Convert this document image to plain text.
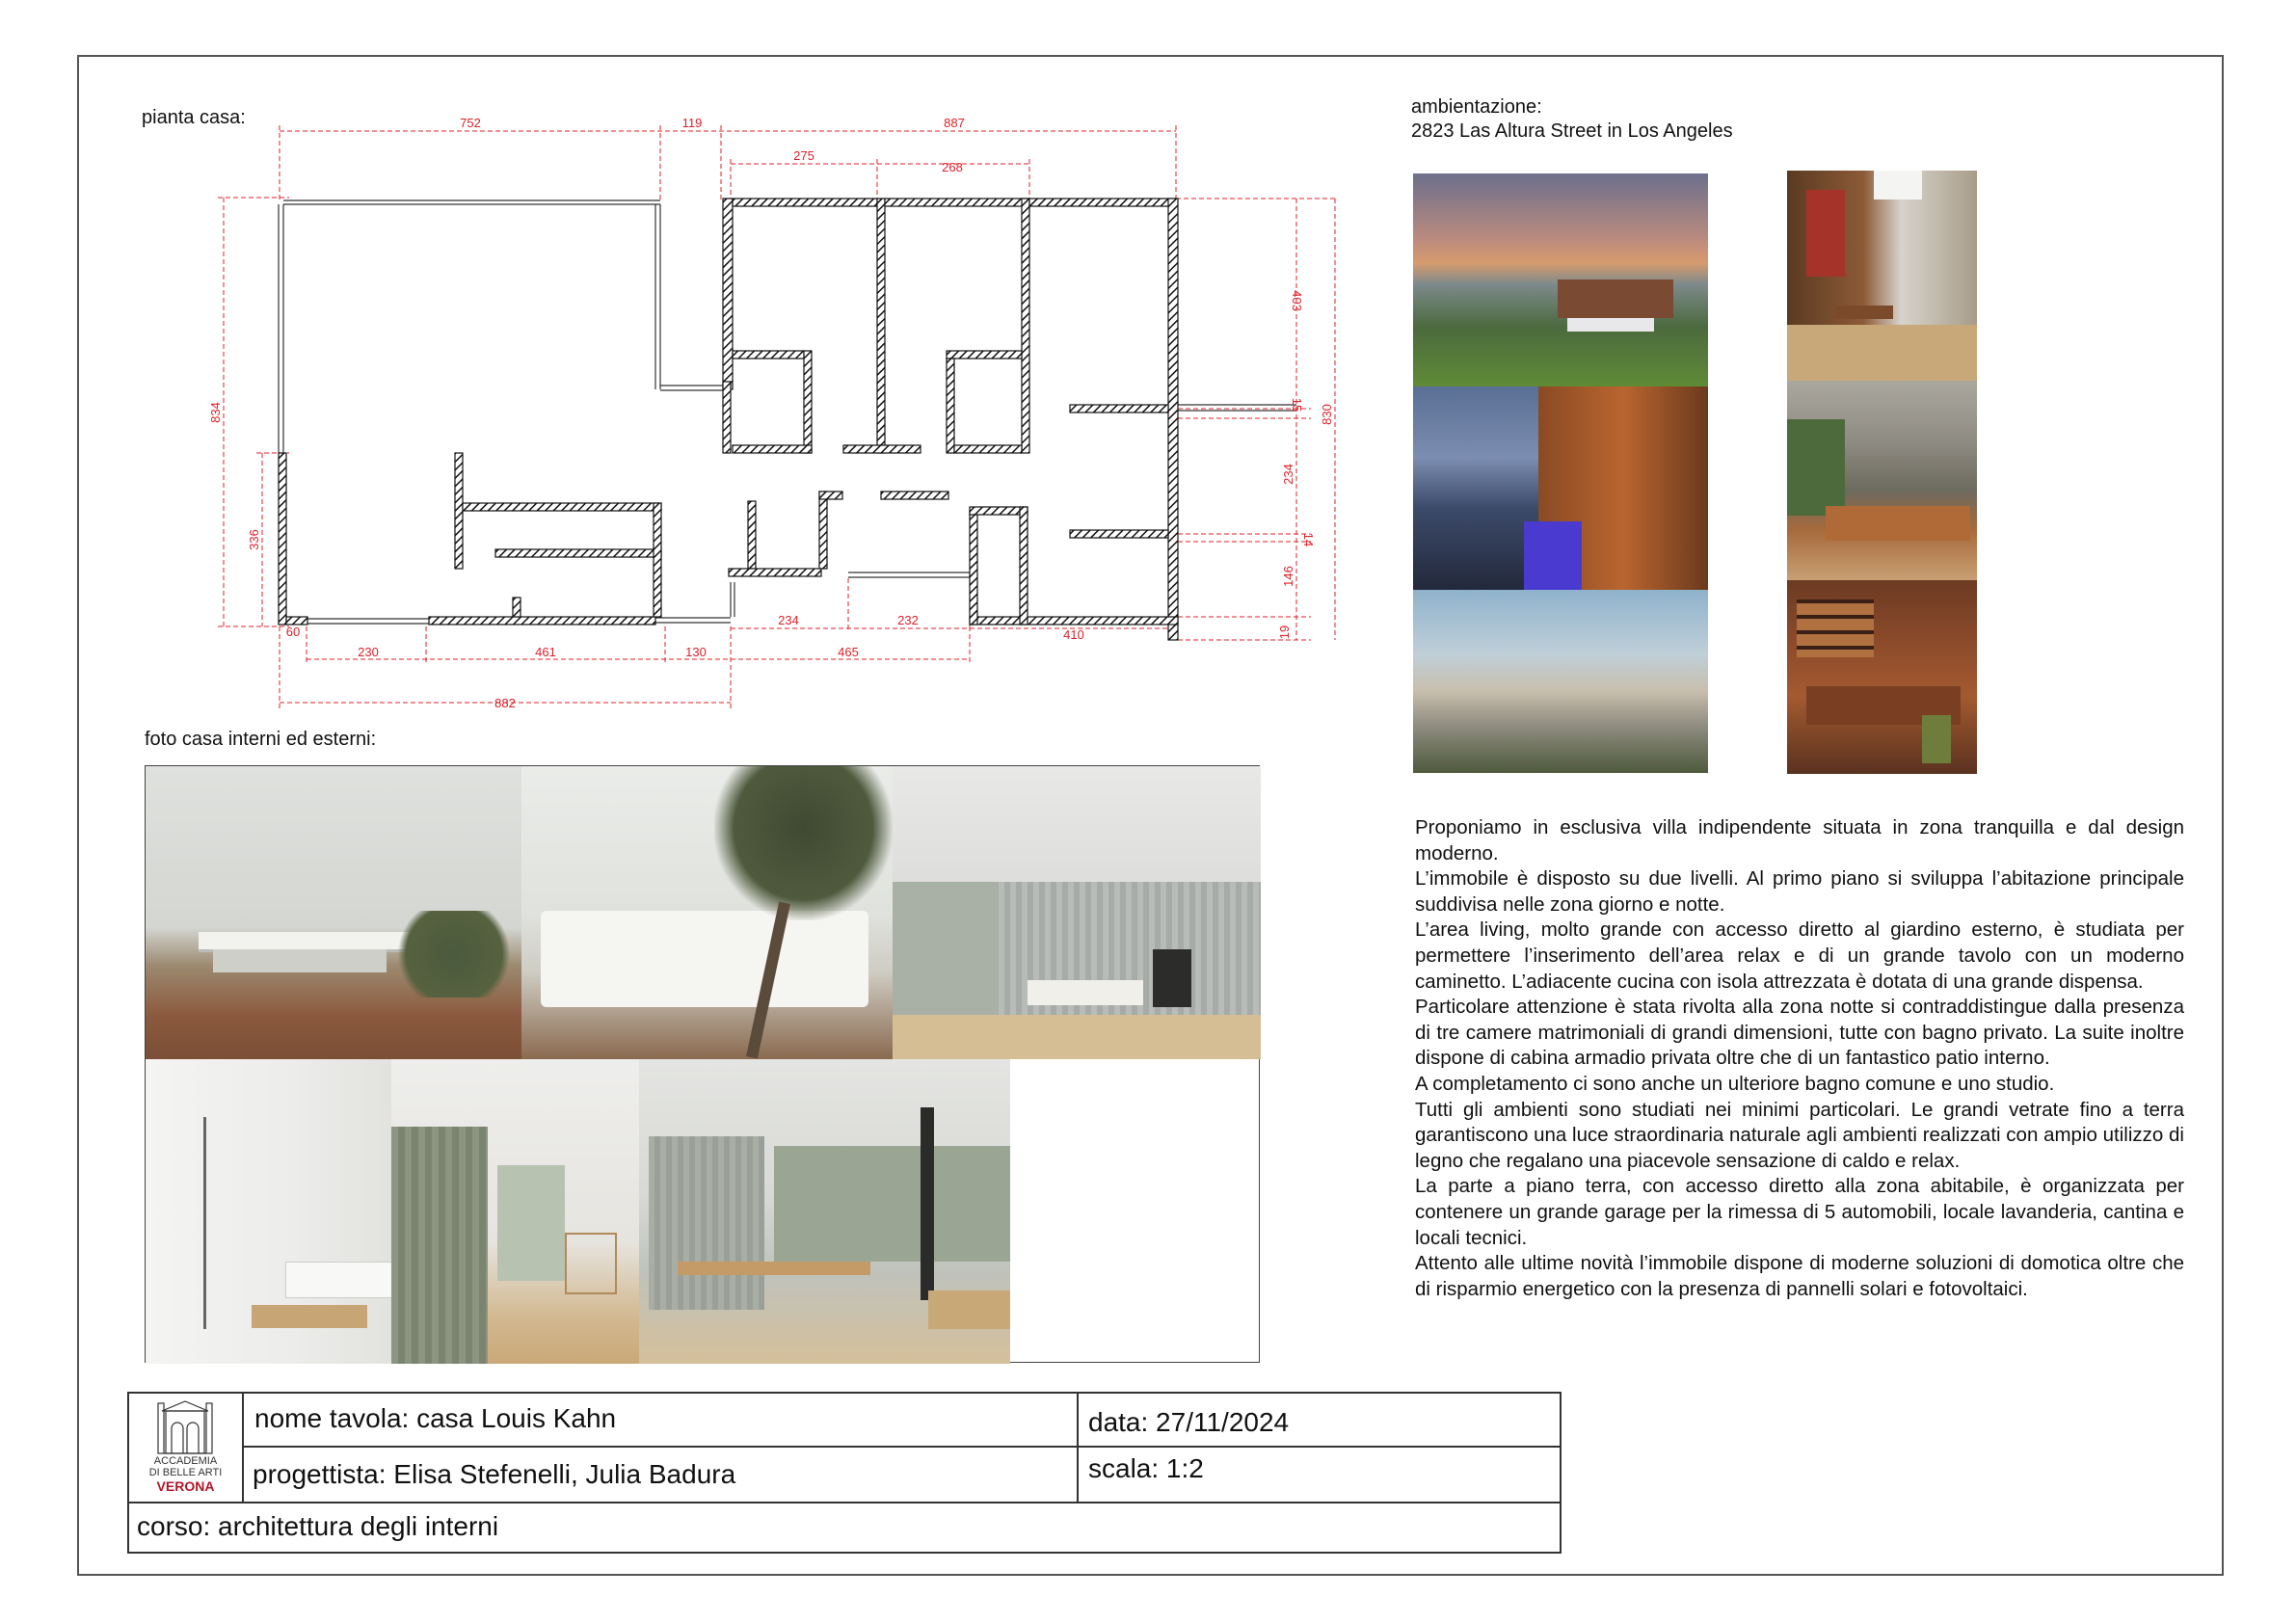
pianta casa:	752	119	887
275
268
834
336
403
15
234
14
146
19
830
60
230	461	130	465
234	232
410
882
foto casa interni ed esterni:
ambientazione:
2823 Las Altura Street in Los Angeles

Proponiamo in esclusiva villa indipendente situata in zona tranquilla e dal design moderno.

L’immobile è disposto su due livelli. Al primo piano si sviluppa l’abitazione principale suddivisa nelle zona giorno e notte.

L’area living, molto grande con accesso diretto al giardino esterno, è studiata per permettere l’inserimento dell’area relax e di un grande tavolo con un moderno caminetto. L’adiacente cucina con isola attrezzata è dotata di una grande dispensa.

Particolare attenzione è stata rivolta alla zona notte si contraddistingue dalla presenza di tre camere matrimoniali di grandi dimensioni, tutte con bagno privato. La suite inoltre dispone di cabina armadio privata oltre che di un fantastico patio interno.

A completamento ci sono anche un ulteriore bagno comune e uno studio.

Tutti gli ambienti sono studiati nei minimi particolari. Le grandi vetrate fino a terra garantiscono una luce straordinaria naturale agli ambienti realizzati con ampio utilizzo di legno che regalano una piacevole sensazione di caldo e relax.

La parte a piano terra, con accesso diretto alla zona abitabile, è organizzata per contenere un grande garage per la rimessa di 5 automobili, locale lavanderia, cantina e locali tecnici.

Attento alle ultime novità l’immobile dispone di moderne soluzioni di domotica oltre che di risparmio energetico con la presenza di pannelli solari e fotovoltaici.

ACCADEMIA
DI BELLE ARTI
VERONA
nome tavola: casa Louis Kahn	data: 27/11/2024
progettista: Elisa Stefenelli, Julia Badura	scala: 1:2
corso: architettura degli interni
